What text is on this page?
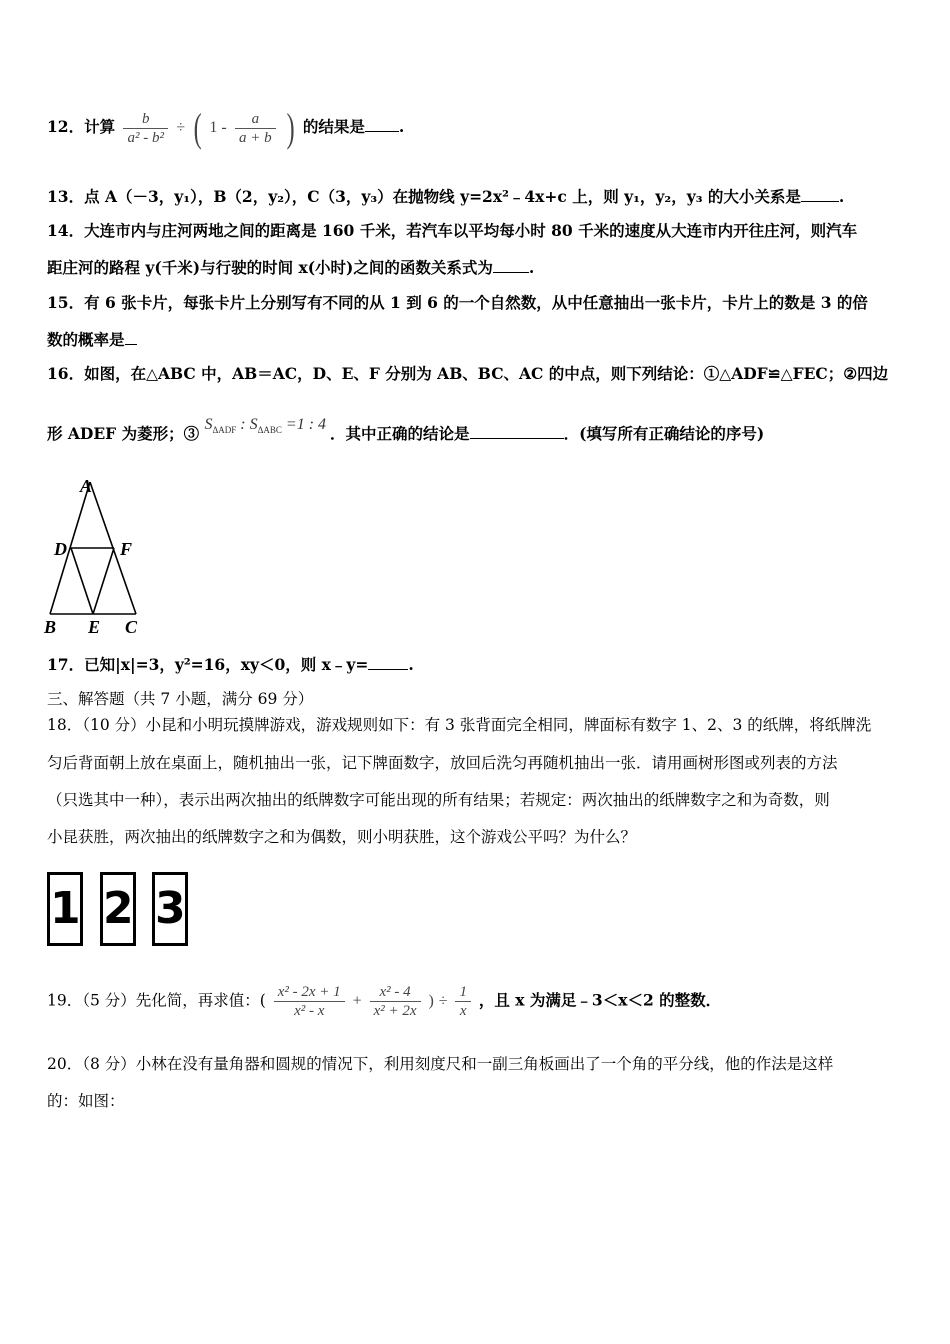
12．计算 $\frac{b}{\text{a² - b²}}$ ÷ ( $1 - \frac{a}{a + b}$ ) 的结果是 .
13．点 A（－3，y₁），B（2，y₂），C（3，y₃）在抛物线 y=2x²﹣4x+c 上，则 y₁，y₂，y₃ 的大小关系是 .
14．大连市内与庄河两地之间的距离是 160 千米，若汽车以平均每小时 80 千米的速度从大连市内开往庄河，则汽车
距庄河的路程 y(千米)与行驶的时间 x(小时)之间的函数关系式为 .
15．有 6 张卡片，每张卡片上分别写有不同的从 1 到 6 的一个自然数，从中任意抽出一张卡片，卡片上的数是 3 的倍
数的概率是
16．如图，在△ABC 中，AB＝AC，D、E、F 分别为 AB、BC、AC 的中点，则下列结论：①△ADF≌△FEC；②四边
形 ADEF 为菱形；③ $S_{\Delta ADF}$ : $S_{\Delta ABC} =1$ : 4 ．其中正确的结论是	．(填写所有正确结论的序号)
A
D	F
B E C
17．已知|x|=3，y²=16，xy＜0，则 x﹣y=	.
三、解答题（共 7 小题，满分 69 分）
18．（10 分）小昆和小明玩摸牌游戏，游戏规则如下：有 3 张背面完全相同，牌面标有数字 1、2、3 的纸牌，将纸牌洗
匀后背面朝上放在桌面上，随机抽出一张，记下牌面数字，放回后洗匀再随机抽出一张．请用画树形图或列表的方法
（只选其中一种），表示出两次抽出的纸牌数字可能出现的所有结果；若规定：两次抽出的纸牌数字之和为奇数，则
小昆获胜，两次抽出的纸牌数字之和为偶数，则小明获胜，这个游戏公平吗？为什么？
1 2 3
19．（5 分）先化简，再求值：( $\frac{\text{x² - 2x + 1}}{\text{x² - x}} + \frac{\text{x² - 4}}{\text{x² + 2x}}$ ) ÷ $\frac{1}{x}$ ，且 x 为满足﹣3＜x＜2 的整数．
20．（8 分）小林在没有量角器和圆规的情况下，利用刻度尺和一副三角板画出了一个角的平分线，他的作法是这样
的：如图：
